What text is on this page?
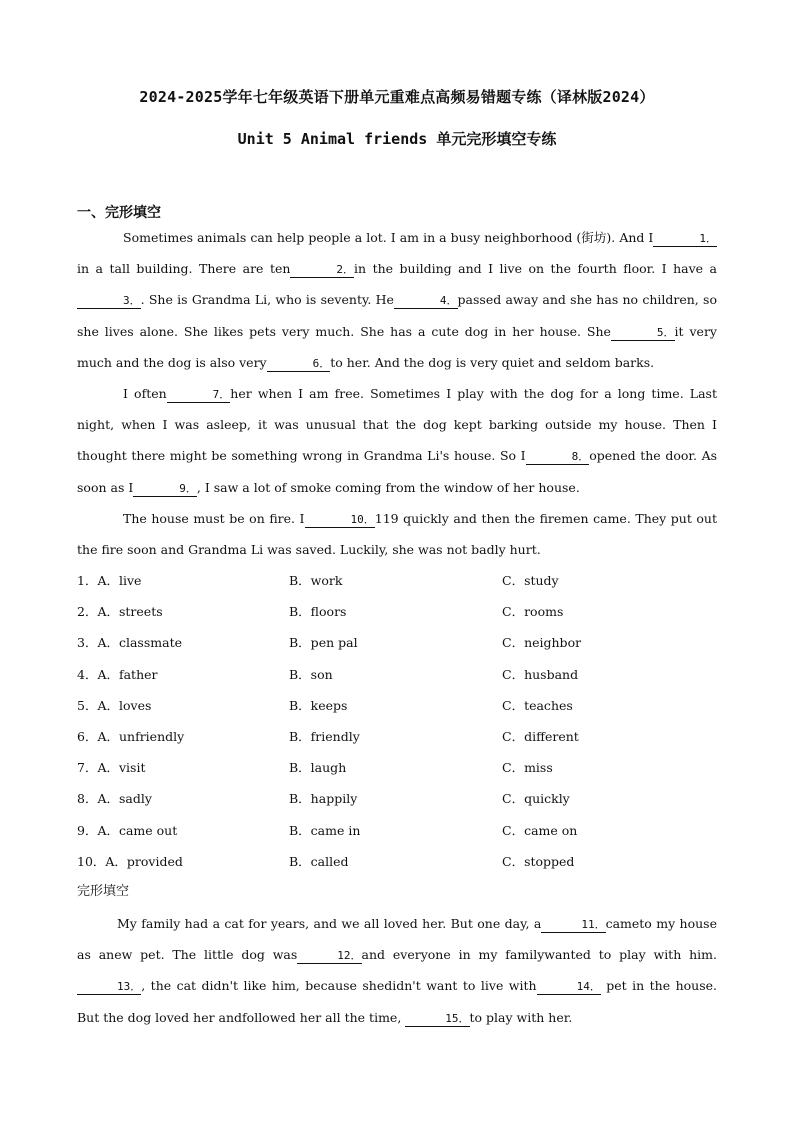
2024-2025学年七年级英语下册单元重难点高频易错题专练（译林版2024）
Unit 5 Animal friends 单元完形填空专练
一、完形填空

Sometimes animals can help people a lot. I am in a busy neighborhood (街坊). And I	1．in a tall building. There are ten	2．in the building and I live on the fourth floor. I have a3．. She is Grandma Li, who is seventy. He	4．passed away and she has no children, so she lives alone. She likes pets very much. She has a cute dog in her house. She	5．it very much and the dog is also very	6．to her. And the dog is very quiet and seldom barks.

I often	7．her when I am free. Sometimes I play with the dog for a long time. Last night, when I was asleep, it was unusual that the dog kept barking outside my house. Then I thought there might be something wrong in Grandma Li's house. So I	8．opened the door. As soon as I	9．, I saw a lot of smoke coming from the window of her house.

The house must be on fire. I	10．119 quickly and then the firemen came. They put out the fire soon and Grandma Li was saved. Luckily, she was not badly hurt.

1．A．live	B．work	C．study
2．A．streets	B．floors	C．rooms
3．A．classmate	B．pen pal	C．neighbor
4．A．father	B．son	C．husband
5．A．loves	B．keeps	C．teaches
6．A．unfriendly	B．friendly	C．different
7．A．visit	B．laugh	C．miss
8．A．sadly	B．happily	C．quickly
9．A．came out	B．came in	C．came on
10．A．provided	B．called	C．stopped
完形填空

My family had a cat for years, and we all loved her. But one day, a	11．cameto my house as anew pet. The little dog was	12．and everyone in my familywanted to play with him. 13．, the cat didn't like him, because shedidn't want to live with	14． pet in the house. But the dog loved her andfollowed her all the time,	15．to play with her.
